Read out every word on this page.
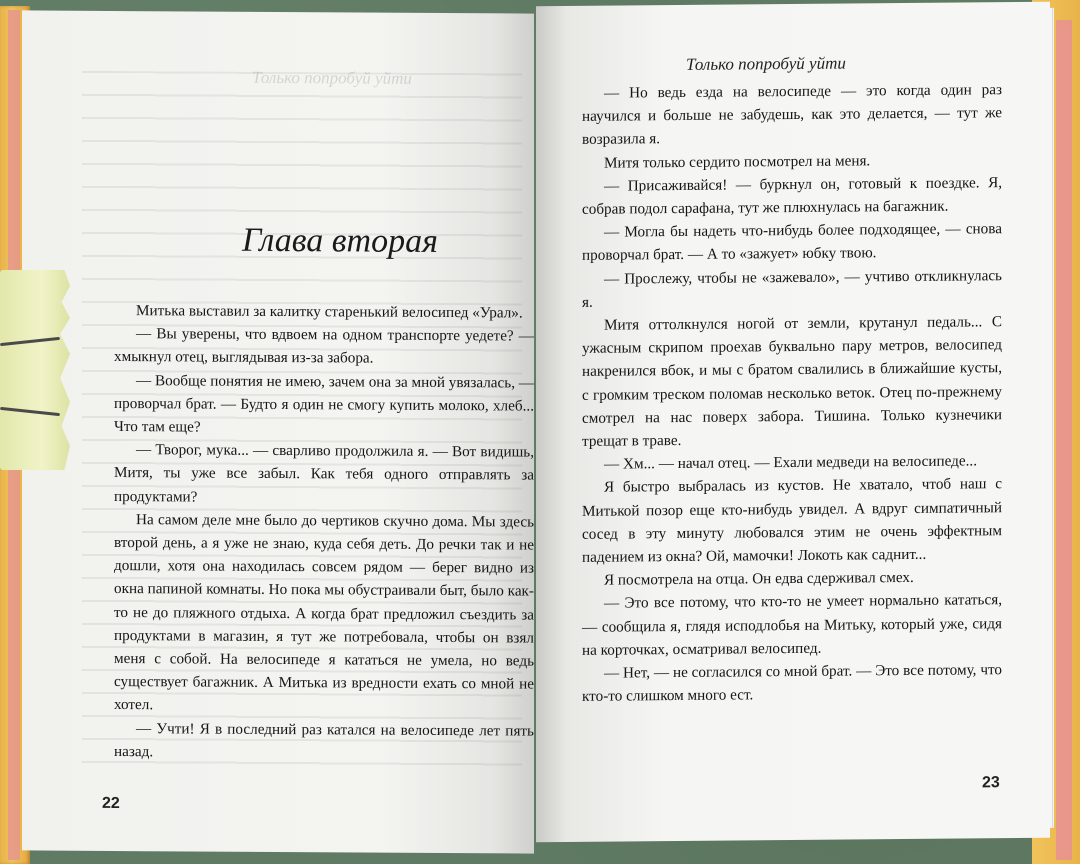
Только попробуй уйти
Глава вторая

Митька выставил за калитку старенький велосипед «Урал».

— Вы уверены, что вдвоем на одном транспорте уедете? — хмыкнул отец, выглядывая из-за забора.

— Вообще понятия не имею, зачем она за мной увязалась, — проворчал брат. — Будто я один не смогу купить молоко, хлеб... Что там еще?

— Творог, мука... — сварливо продолжила я. — Вот видишь, Митя, ты уже все забыл. Как тебя одного отправлять за продуктами?

На самом деле мне было до чертиков скучно дома. Мы здесь второй день, а я уже не знаю, куда себя деть. До речки так и не дошли, хотя она находилась совсем рядом — берег видно из окна папиной комнаты. Но пока мы обустраивали быт, было как-то не до пляжного отдыха. А когда брат предложил съездить за продуктами в магазин, я тут же потребовала, чтобы он взял меня с собой. На велосипеде я кататься не умела, но ведь существует багажник. А Митька из вредности ехать со мной не хотел.

— Учти! Я в последний раз катался на велосипеде лет пять назад.

22
Только попробуй уйти

— Но ведь езда на велосипеде — это когда один раз научился и больше не забудешь, как это делается, — тут же возразила я.

Митя только сердито посмотрел на меня.

— Присаживайся! — буркнул он, готовый к поездке. Я, собрав подол сарафана, тут же плюхнулась на багажник.

— Могла бы надеть что-нибудь более подходящее, — снова проворчал брат. — А то «зажует» юбку твою.

— Прослежу, чтобы не «зажевало», — учтиво откликнулась я.

Митя оттолкнулся ногой от земли, крутанул педаль... С ужасным скрипом проехав буквально пару метров, велосипед накренился вбок, и мы с братом свалились в ближайшие кусты, с громким треском поломав несколько веток. Отец по-прежнему смотрел на нас поверх забора. Тишина. Только кузнечики трещат в траве.

— Хм... — начал отец. — Ехали медведи на велосипеде...

Я быстро выбралась из кустов. Не хватало, чтоб наш с Митькой позор еще кто-нибудь увидел. А вдруг симпатичный сосед в эту минуту любовался этим не очень эффектным падением из окна? Ой, мамочки! Локоть как саднит...

Я посмотрела на отца. Он едва сдерживал смех.

— Это все потому, что кто-то не умеет нормально кататься, — сообщила я, глядя исподлобья на Митьку, который уже, сидя на корточках, осматривал велосипед.

— Нет, — не согласился со мной брат. — Это все потому, что кто-то слишком много ест.

23
